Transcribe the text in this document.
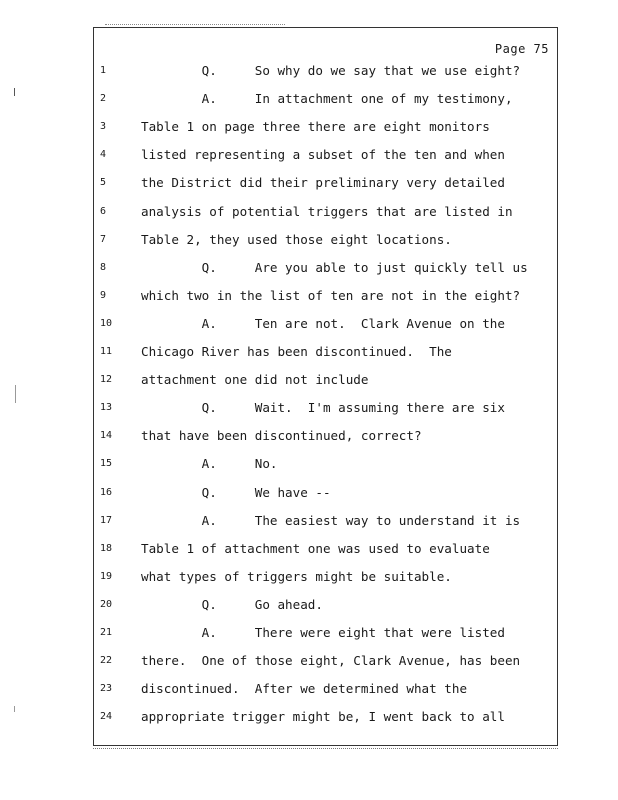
Page 75
1	Q.     So why do we say that we use eight?
2	A.     In attachment one of my testimony,
3	Table 1 on page three there are eight monitors
4	listed representing a subset of the ten and when
5	the District did their preliminary very detailed
6	analysis of potential triggers that are listed in
7	Table 2, they used those eight locations.
8	Q.     Are you able to just quickly tell us
9	which two in the list of ten are not in the eight?
10	A.     Ten are not.  Clark Avenue on the
11	Chicago River has been discontinued.  The
12	attachment one did not include
13	Q.     Wait.  I'm assuming there are six
14	that have been discontinued, correct?
15	A.     No.
16	Q.     We have --
17	A.     The easiest way to understand it is
18	Table 1 of attachment one was used to evaluate
19	what types of triggers might be suitable.
20	Q.     Go ahead.
21	A.     There were eight that were listed
22	there.  One of those eight, Clark Avenue, has been
23	discontinued.  After we determined what the
24	appropriate trigger might be, I went back to all
